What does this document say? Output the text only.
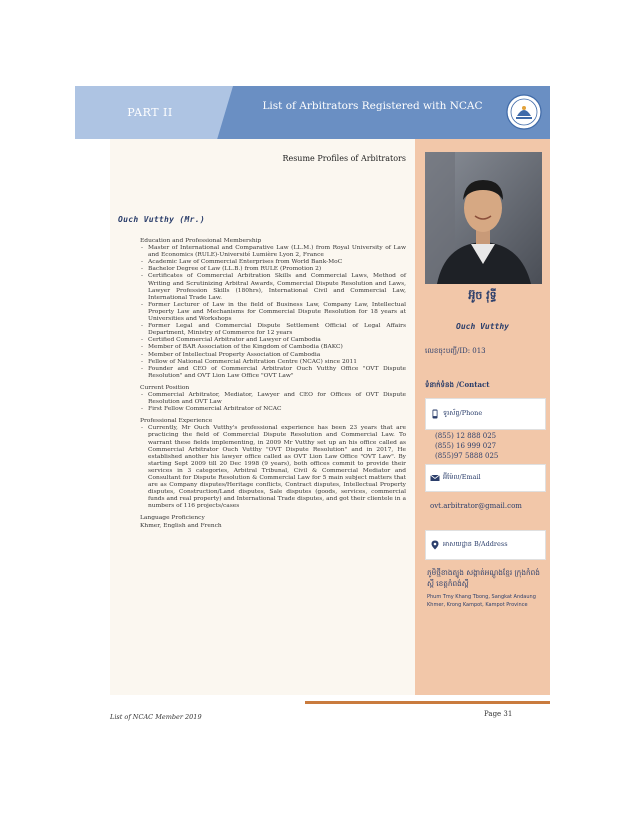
PART II	List of Arbitrators Registered with NCAC
Resume Profiles of Arbitrators
Ouch Vutthy (Mr.)
Education and Professional Membership
- Master of International and Comparative Law (LL.M.) from Royal University of Law and Economics (RULE)-Université Lumière Lyon 2, France
- Academic Law of Commercial Enterprises from World Bank-MoC
- Bachelor Degree of Law (LL.B.) from RULE (Promotion 2)
- Certificates of Commercial Arbitration Skills and Commercial Laws, Method of Writing and Scrutinizing Arbitral Awards, Commercial Dispute Resolution and Laws, Lawyer Profession Skills (180hrs), International Civil and Commercial Law, International Trade Law.
- Former Lecturer of Law in the field of Business Law, Company Law, Intellectual Property Law and Mechanisms for Commercial Dispute Resolution for 18 years at Universities and Workshops
- Former Legal and Commercial Dispute Settlement Official of Legal Affairs Department, Ministry of Commerce for 12 years
- Certified Commercial Arbitrator and Lawyer of Cambodia
- Member of BAR Association of the Kingdom of Cambodia (BAKC)
- Member of Intellectual Property Association of Cambodia
- Fellow of National Commercial Arbitration Centre (NCAC) since 2011
- Founder and CEO of Commercial Arbitrator Ouch Vutthy Office "OVT Dispute Resolution" and OVT Lion Law Office "OVT Law"
Current Position
- Commercial Arbitrator, Mediator, Lawyer and CEO for Offices of OVT Dispute Resolution and OVT Law
- First Fellow Commercial Arbitrator of NCAC
Professional Experience
- Currently, Mr Ouch Vutthy's professional experience has been 23 years that are practicing the field of Commercial Dispute Resolution and Commercial Law. To warrant these fields implementing, in 2009 Mr Vutthy set up an his office called as Commercial Arbitrator Ouch Vutthy "OVT Dispute Resolution" and in 2017, He established another his lawyer office called as OVT Lion Law Office "OVT Law". By starting Sept 2009 till 20 Dec 1998 (9 years), both offices commit to provide their services in 3 categories, Arbitral Tribunal, Civil & Commercial Mediator and Consultant for Dispute Resolution & Commercial Law for 5 main subject matters that are as Company disputes/Heritage conflicts, Contract disputes, Intellectual Property disputes, Construction/Land disputes, Sale disputes (goods, services, commercial funds and real property) and International Trade disputes, and got their clientele in a numbers of 116 projects/cases
Language Proficiency
Khmer, English and French
អ៊ូច វុទ្ធី
Ouch Vutthy
លេខចុះបញ្ជី/ID: 013
ទំនាក់ទំនង /Contact
ទូរស័ព្ទ/Phone
(855) 12 888 025
(855) 16 999 027
(855)97 5888 025
អ៊ីម៉ែល/Email
ovt.arbitrator@gmail.com
អាសយដ្ឋាន B/Address
ភូមិថ្មីខាងត្បូង សង្កាត់អណ្តូងខ្មែរ ក្រុងកំពង់ស្ពឺ ខេត្តកំពង់ស្ពឺ
Phum Tmy Khang Tbong, Sangkat Andaung Khmer, Krong Kampot, Kampot Province
List of NCAC Member 2019	Page 31
